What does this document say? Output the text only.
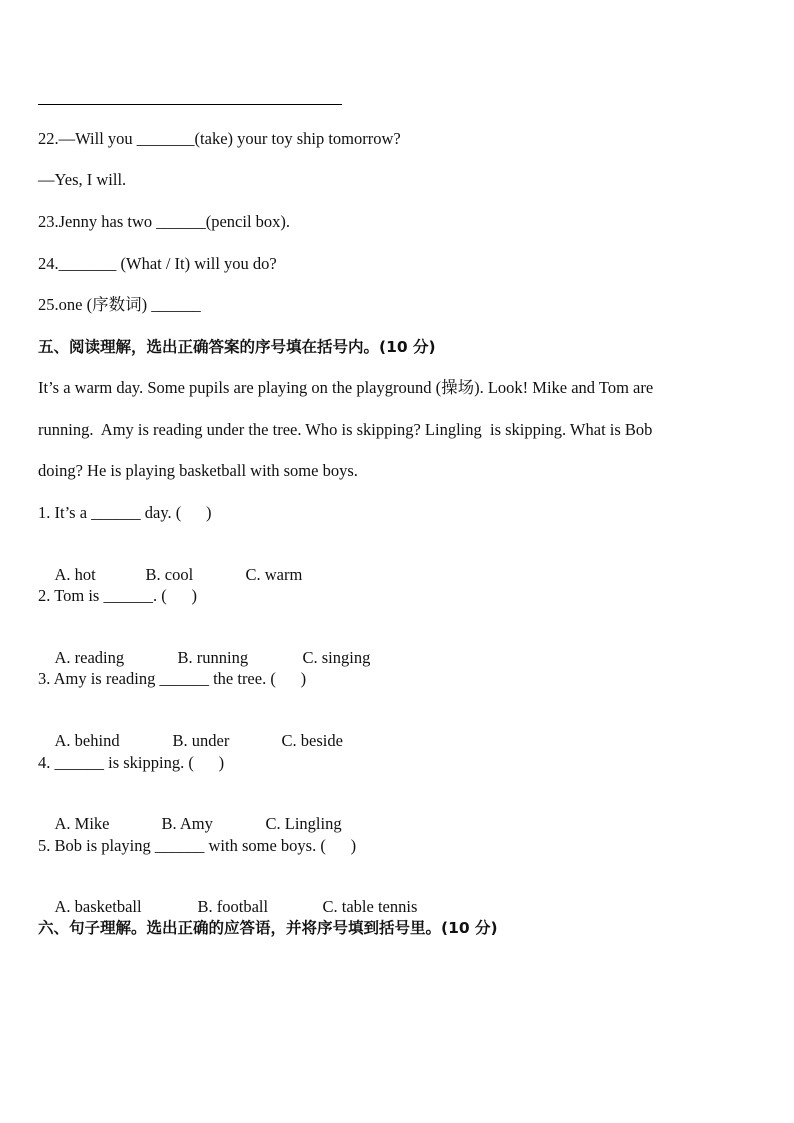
22.—Will you _______(take) your toy ship tomorrow?
—Yes, I will.
23.Jenny has two ______(pencil box).
24._______ (What / It) will you do?
25.one (序数词) ______
五、阅读理解，选出正确答案的序号填在括号内。(10 分)
It’s a warm day. Some pupils are playing on the playground (操场). Look! Mike and Tom are
running.  Amy is reading under the tree. Who is skipping? Lingling  is skipping. What is Bob
doing? He is playing basketball with some boys.
1. It’s a ______ day. (      )

A. hot	B. cool	C. warm

2. Tom is ______. (      )

A. reading	B. running	C. singing

3. Amy is reading ______ the tree. (      )

A. behind	B. under	C. beside

4. ______ is skipping. (      )

A. Mike	B. Amy	C. Lingling

5. Bob is playing ______ with some boys. (      )

A. basketball	B. football	C. table tennis

六、句子理解。选出正确的应答语，并将序号填到括号里。(10 分)
